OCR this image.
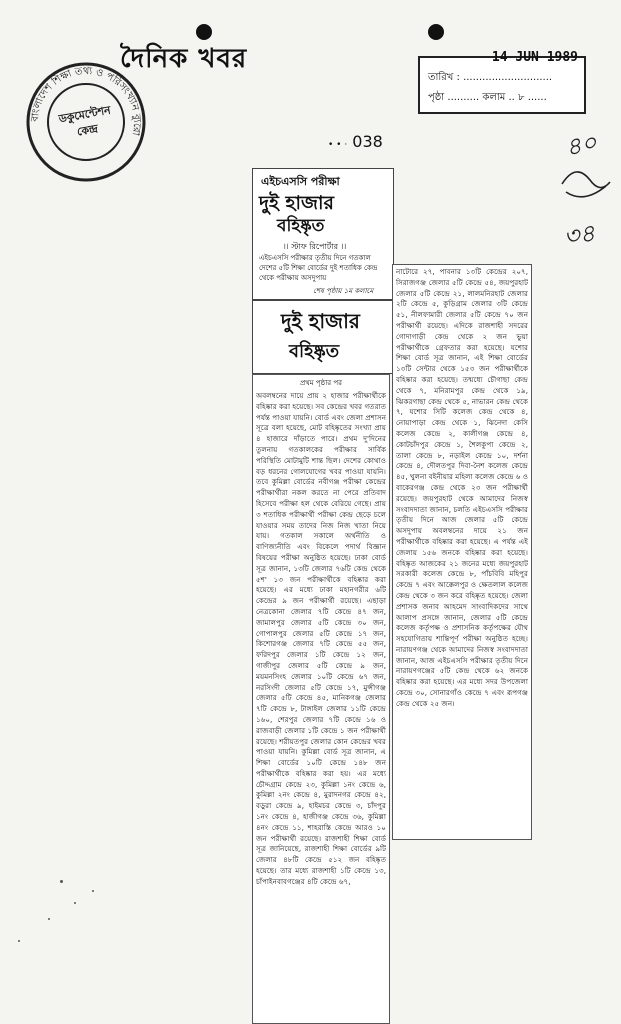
দৈনিক খবর
বাংলাদেশ শিক্ষা তথ্য ও পরিসংখ্যান ব্যুরো
ডকুমেন্টেশন
কেন্দ্র
14 JUN 1989
তারিখ : ............................
পৃষ্ঠা .......... কলাম .. ৮ ......
• • · 038	৪০
৩৪
এইচএসসি পরীক্ষা
দুই হাজার
বহিষ্কৃত
।। স্টাফ রিপোর্টার ।।
এইচএসসি পরীক্ষার তৃতীয় দিনে গতকাল দেশের ৫টি শিক্ষা বোর্ডের দুই শতাধিক কেন্দ্র থেকে পরীক্ষায় অসদুপায়
শেষ পৃষ্ঠায় ১ম কলামে
দুই হাজার
বহিষ্কৃত
প্রথম পৃষ্ঠার পর
অবলম্বনের দায়ে প্রায় ২ হাজার পরীক্ষার্থীকে বহিষ্কার করা হয়েছে। সব কেন্দ্রের খবর গতরাত পর্যন্ত পাওয়া যায়নি। বোর্ড এবং জেলা প্রশাসন সূত্রে বলা হয়েছে, মোট বহিষ্কৃতের সংখ্যা প্রায় ৪ হাজারে দাঁড়াতে পারে। প্রথম দু'দিনের তুলনায় গতকালকের পরীক্ষার সার্বিক পরিস্থিতি মোটামুটি শান্ত ছিল। দেশের কোথাও বড় ধরনের গোলযোগের খবর পাওয়া যায়নি। তবে কুমিল্লা বোর্ডের নবীগঞ্জ পরীক্ষা কেন্দ্রের পরীক্ষার্থীরা নকল করতে না পেরে প্রতিবাদ হিসেবে পরীক্ষা হল থেকে বেরিয়ে গেছে। প্রায় ৩ শতাধিক পরীক্ষার্থী পরীক্ষা কেন্দ্র ছেড়ে চলে যাওয়ার সময় তাদের নিজ নিজ খাতা নিয়ে যায়। গতকাল সকালে অর্থনীতি ও বাণিজ্যনীতি এবং বিকেলে পদার্থ বিজ্ঞান বিষয়ের পরীক্ষা অনুষ্ঠিত হয়েছে। ঢাকা বোর্ড সূত্র জানান, ১৩টি জেলার ৭৬টি কেন্দ্র থেকে ৫শ' ১৩ জন পরীক্ষার্থীকে বহিষ্কার করা হয়েছে। এর মধ্যে ঢাকা মহানগরীর ৬টি কেন্দ্রের ৯ জন পরীক্ষার্থী রয়েছে। এছাড়া নেত্রকোনা জেলার ৭টি কেন্দ্রে ৪৭ জন, জামালপুর জেলার ৫টি কেন্দ্রে ৩০ জন, গোপালপুর জেলার ৫টি কেন্দ্রে ১৭ জন, কিশোরগঞ্জ জেলার ৭টি কেন্দ্রে ৫৫ জন, ফরিদপুর জেলার ১টি কেন্দ্রে ১২ জন, গাজীপুর জেলার ৫টি কেন্দ্রে ৯ জন, ময়মনসিংহ জেলার ১০টি কেন্দ্রে ৬৭ জন, নরসিংদী জেলার ৫টি কেন্দ্রে ১৭, মুন্সীগঞ্জ জেলার ৫টি কেন্দ্রে ৪৫, মানিকগঞ্জ জেলার ৭টি কেন্দ্রে ৮, টাঙ্গাইল জেলার ১১টি কেন্দ্রে ১৬০, শেরপুর জেলার ৭টি কেন্দ্রে ১৬ ও রাজবাড়ী জেলার ১টি কেন্দ্রে ১ জন পরীক্ষার্থী রয়েছে। শরীয়তপুর জেলার কোন কেন্দ্রের খবর পাওয়া যায়নি। কুমিল্লা বোর্ড সূত্র জানান, এ শিক্ষা বোর্ডের ১০টি কেন্দ্রে ১৪৮ জন পরীক্ষার্থীকে বহিষ্কার করা হয়। এর মধ্যে চৌদ্দগ্রাম কেন্দ্রে ২৩, কুমিল্লা ১নং কেন্দ্রে ৬, কুমিল্লা ২নং কেন্দ্রে ৪, মুরাদনগর কেন্দ্রে ৪২, বড়ুরা কেন্দ্রে ৯, হাইমচর কেন্দ্রে ৩, চাঁদপুর ১নং কেন্দ্রে ৪, হাজীগঞ্জ কেন্দ্রে ৩৬, কুমিল্লা ৪নং কেন্দ্রে ১১, শাহরাস্তি কেন্দ্রে আরও ১০ জন পরীক্ষার্থী রয়েছে। রাজশাহী শিক্ষা বোর্ড সূত্র জানিয়েছে, রাজশাহী শিক্ষা বোর্ডের ৯টি জেলার ৪৮টি কেন্দ্রে ৫১২ জন বহিষ্কৃত হয়েছে। তার মধ্যে রাজশাহী ১টি কেন্দ্রে ১৩, চাঁপাইনবাবগঞ্জের ৪টি কেন্দ্রে ৬৭,
নাটোরে ২৭, পাবনার ১৩টি কেন্দ্রের ২০৭, সিরাজগঞ্জ জেলার ৫টি কেন্দ্রে ৫৪, জয়পুরহাট জেলার ৫টি কেন্দ্রে ২১, লালমনিরহাট জেলার ২টি কেন্দ্রে ৫, কুড়িগ্রাম জেলার ৩টি কেন্দ্রে ৫১, নীলফামারী জেলার ৫টি কেন্দ্রে ৭০ জন পরীক্ষার্থী রয়েছে। এদিকে রাজশাহী সদরের গোদাগাড়ী কেন্দ্র থেকে ২ জন ভুয়া পরীক্ষার্থীকে গ্রেফতার করা হয়েছে। যশোর শিক্ষা বোর্ড সূত্র জানান, এই শিক্ষা বোর্ডের ১৩টি সেন্টার থেকে ১৫৩ জন পরীক্ষার্থীকে বহিষ্কার করা হয়েছে। তন্মধ্যে চৌগাছা কেন্দ্র থেকে ৭, মনিরামপুর কেন্দ্র থেকে ১৯, ঝিকরগাছা কেন্দ্র থেকে ৫, নাভারন কেন্দ্র থেকে ৭, যশোর সিটি কলেজ কেন্দ্র থেকে ৪, নোয়াপাড়া কেন্দ্র থেকে ১, ঝিনেদা কেসি কলেজ কেন্দ্রে ২, কালীগঞ্জ কেন্দ্রে ৪, কোটচাঁদপুর কেন্দ্রে ১, শৈলকুপা কেন্দ্রে ২, তালা কেন্দ্রে ৮, নড়াইল কেন্দ্রে ১০, দর্শনা কেন্দ্রে ৪, দৌলতপুর দিবা-নৈশ কলেজ কেন্দ্রে ৪৫, খুলনা বইনীয়ার মহিলা কলেজ কেন্দ্রে ৬ ও বাকেরগঞ্জ কেন্দ্র থেকে ২৩ জন পরীক্ষার্থী রয়েছে। জয়পুরহাট থেকে আমাদের নিজস্ব সংবাদদাতা জানান, চলতি এইচএসসি পরীক্ষার তৃতীয় দিনে আজ জেলার ৫টি কেন্দ্রে অসদুপায় অবলম্বনের দায়ে ২১ জন পরীক্ষার্থীকে বহিষ্কার করা হয়েছে। এ পর্যন্ত এই জেলায় ১৫৬ জনকে বহিষ্কার করা হয়েছে। বহিষ্কৃত আজকের ২১ জনের মধ্যে জয়পুরহাট সরকারী কলেজ কেন্দ্রে ৮, পাঁচবিবি মহিপুর কেন্দ্রে ৭ এবং আক্কেলপুর ও ক্ষেতলাল কলেজ কেন্দ্র থেকে ৩ জন করে বহিষ্কৃত হয়েছে। জেলা প্রশাসক জনাব আহমেদ সাংবাদিকদের সাথে আলাপ প্রসঙ্গে জানান, জেলার ৫টি কেন্দ্রে কলেজ কর্তৃপক্ষ ও প্রশাসনিক কর্তৃপক্ষের যৌথ সহযোগিতায় শান্তিপূর্ণ পরীক্ষা অনুষ্ঠিত হচ্ছে। নারায়ণগঞ্জ থেকে আমাদের নিজস্ব সংবাদদাতা জানান, আজ এইচএসসি পরীক্ষার তৃতীয় দিনে নারায়ণগঞ্জের ৫টি কেন্দ্র থেকে ৬২ জনকে বহিষ্কার করা হয়েছে। এর মধ্যে সদর উপজেলা কেন্দ্রে ৩০, সোনারগাঁও কেন্দ্রে ৭ এবং রূপগঞ্জ কেন্দ্র থেকে ২৫ জন।
